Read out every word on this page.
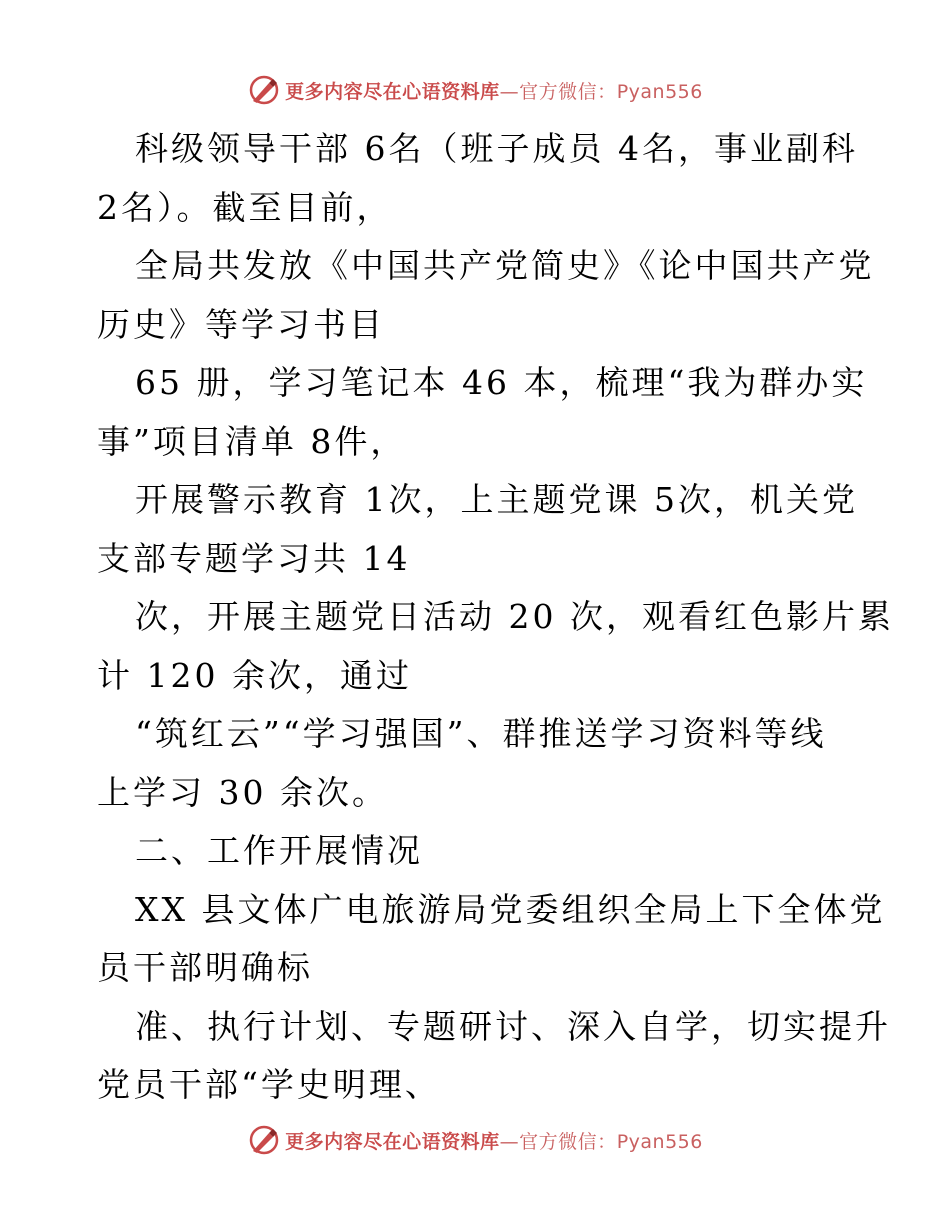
更多内容尽在心语资料库—官方微信：Pyan556
科级领导干部 6名（班子成员 4名，事业副科
2名）。截至目前，
全局共发放《中国共产党简史》《论中国共产党
历史》等学习书目
65 册，学习笔记本 46 本，梳理“我为群办实
事”项目清单 8件，
开展警示教育 1次，上主题党课 5次，机关党
支部专题学习共 14
次，开展主题党日活动 20 次，观看红色影片累
计 120 余次，通过
“筑红云”“学习强国”、群推送学习资料等线
上学习 30 余次。
二、工作开展情况
XX 县文体广电旅游局党委组织全局上下全体党
员干部明确标
准、执行计划、专题研讨、深入自学，切实提升
党员干部“学史明理、
更多内容尽在心语资料库—官方微信：Pyan556
